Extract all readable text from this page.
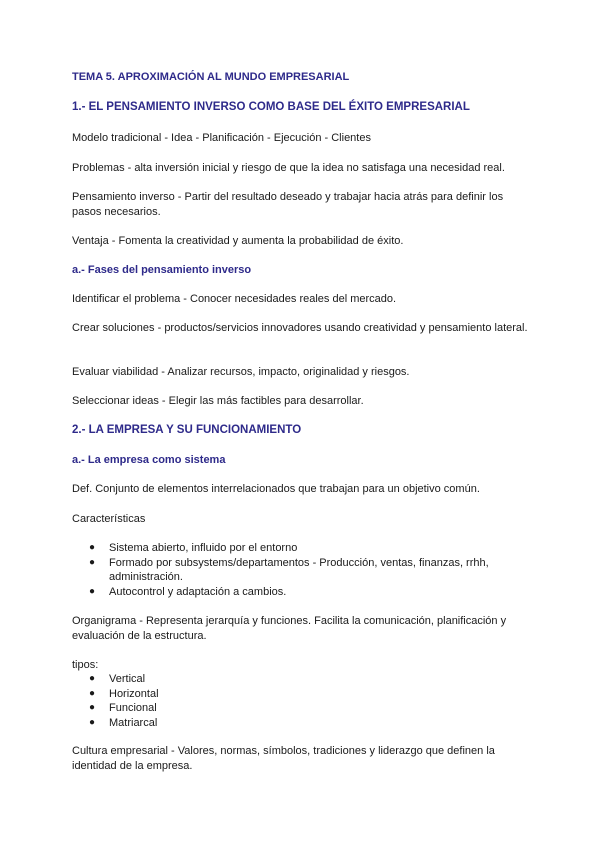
TEMA 5. APROXIMACIÓN AL MUNDO EMPRESARIAL
1.- EL PENSAMIENTO INVERSO COMO BASE DEL ÉXITO EMPRESARIAL
Modelo tradicional - Idea - Planificación - Ejecución - Clientes
Problemas - alta inversión inicial y riesgo de que la idea no satisfaga una necesidad real.
Pensamiento inverso - Partir del resultado deseado y trabajar hacia atrás para definir los pasos necesarios.
Ventaja - Fomenta la creatividad y aumenta la probabilidad de éxito.
a.- Fases del pensamiento inverso
Identificar el problema - Conocer necesidades reales del mercado.
Crear soluciones - productos/servicios innovadores usando creatividad y pensamiento lateral.
Evaluar viabilidad - Analizar recursos, impacto, originalidad y riesgos.
Seleccionar ideas - Elegir las más factibles para desarrollar.
2.- LA EMPRESA Y SU FUNCIONAMIENTO
a.- La empresa como sistema
Def. Conjunto de elementos interrelacionados que trabajan para un objetivo común.
Características
● Sistema abierto, influido por el entorno
● Formado por subsystems/departamentos - Producción, ventas, finanzas, rrhh, administración.
● Autocontrol y adaptación a cambios.
Organigrama - Representa jerarquía y funciones. Facilita la comunicación, planificación y evaluación de la estructura.
tipos:
● Vertical
● Horizontal
● Funcional
● Matriarcal
Cultura empresarial - Valores, normas, símbolos, tradiciones y liderazgo que definen la identidad de la empresa.
